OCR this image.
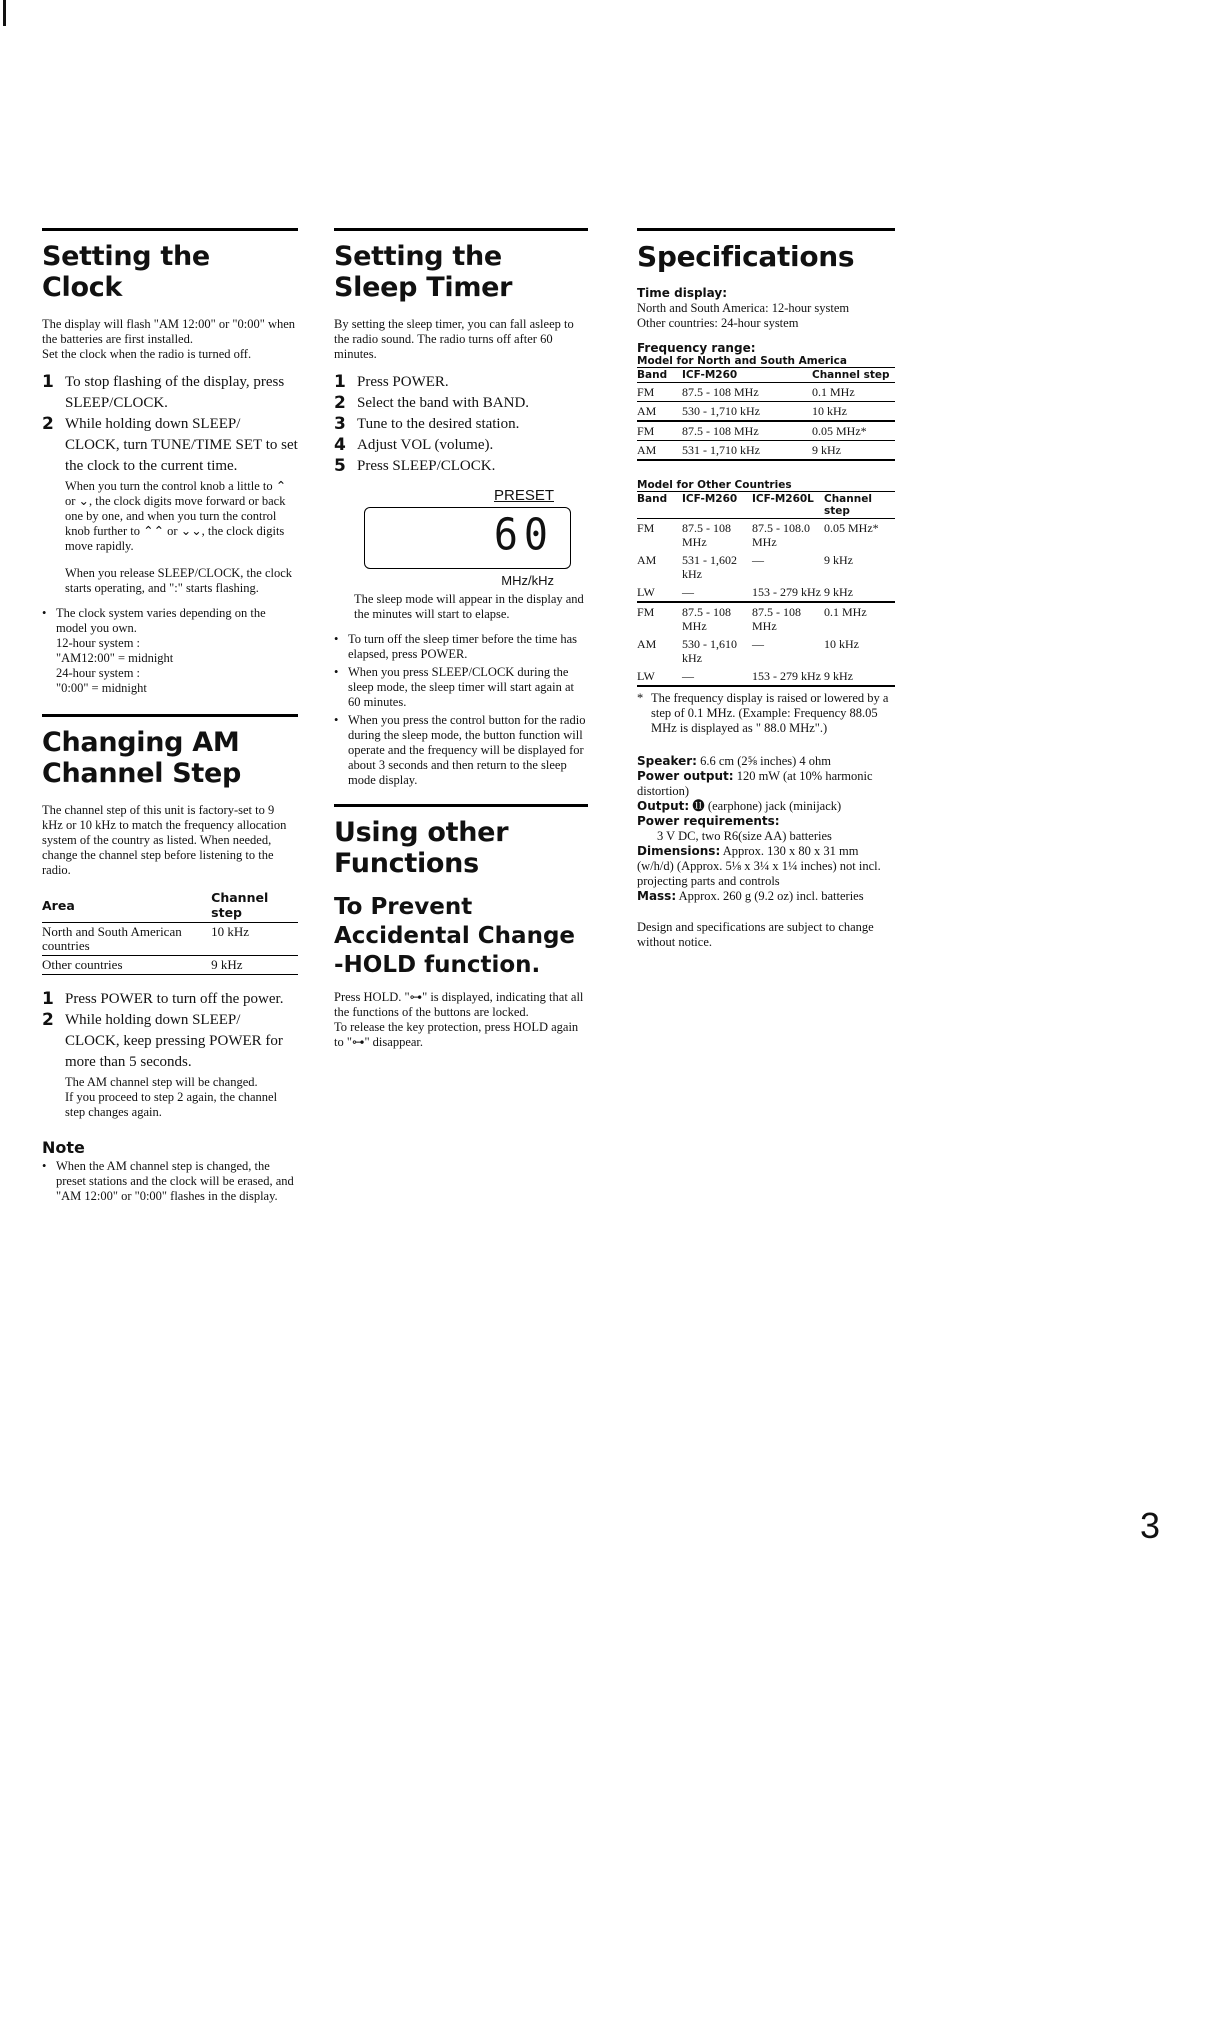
Setting the Clock

The display will flash "AM 12:00" or "0:00" when the batteries are first installed.

Set the clock when the radio is turned off.

1 To stop flashing of the display, press SLEEP/CLOCK.
2 While holding down SLEEP/ CLOCK, turn TUNE/TIME SET to set the clock to the current time.

When you turn the control knob a little to ⌃ or ⌄, the clock digits move forward or back one by one, and when you turn the control knob further to ⌃⌃ or ⌄⌄, the clock digits move rapidly.

When you release SLEEP/CLOCK, the clock starts operating, and ":" starts flashing.

• The clock system varies depending on the model you own.

12-hour system :

"AM12:00" = midnight

24-hour system :

"0:00" = midnight

Changing AM Channel Step
The channel step of this unit is factory-set to 9 kHz or 10 kHz to match the frequency allocation system of the country as listed. When needed, change the channel step before listening to the radio.
Area	Channel step
North and South American countries	10 kHz
Other countries	9 kHz
1 Press POWER to turn off the power.
2 While holding down SLEEP/ CLOCK, keep pressing POWER for more than 5 seconds.

The AM channel step will be changed.

If you proceed to step 2 again, the channel step changes again.

Note
• When the AM channel step is changed, the preset stations and the clock will be erased, and "AM 12:00" or "0:00" flashes in the display.
Setting the Sleep Timer
By setting the sleep timer, you can fall asleep to the radio sound. The radio turns off after 60 minutes.
1 Press POWER.
2 Select the band with BAND.
3 Tune to the desired station.
4 Adjust VOL (volume).
5 Press SLEEP/CLOCK.
PRESET
60
MHz/kHz
The sleep mode will appear in the display and the minutes will start to elapse.
• To turn off the sleep timer before the time has elapsed, press POWER.
• When you press SLEEP/CLOCK during the sleep mode, the sleep timer will start again at 60 minutes.
• When you press the control button for the radio during the sleep mode, the button function will operate and the frequency will be displayed for about 3 seconds and then return to the sleep mode display.
Using other Functions
To Prevent Accidental Change -HOLD function.

Press HOLD. "⊶" is displayed, indicating that all the functions of the buttons are locked.

To release the key protection, press HOLD again to "⊶" disappear.

Specifications

Time display:

North and South America: 12-hour system

Other countries: 24-hour system

Frequency range:
Model for North and South America
Band	ICF-M260	Channel step
FM	87.5 - 108 MHz	0.1 MHz
AM	530 - 1,710 kHz	10 kHz
FM	87.5 - 108 MHz	0.05 MHz*
AM	531 - 1,710 kHz	9 kHz
Model for Other Countries
Band	ICF-M260	ICF-M260L	Channel step
FM	87.5 - 108 MHz	87.5 - 108.0 MHz	0.05 MHz*
AM	531 - 1,602 kHz	—	9 kHz
LW	—	153 - 279 kHz	9 kHz
FM	87.5 - 108 MHz	87.5 - 108 MHz	0.1 MHz
AM	530 - 1,610 kHz	—	10 kHz
LW	—	153 - 279 kHz	9 kHz
* The frequency display is raised or lowered by a step of 0.1 MHz. (Example: Frequency 88.05 MHz is displayed as " 88.0 MHz".)

Speaker: 6.6 cm (2⅝ inches) 4 ohm

Power output: 120 mW (at 10% harmonic distortion)

Output: ⓫ (earphone) jack (minijack)

Power requirements:

3 V DC, two R6(size AA) batteries

Dimensions: Approx. 130 x 80 x 31 mm (w/h/d) (Approx. 5⅛ x 3¼ x 1¼ inches) not incl. projecting parts and controls

Mass: Approx. 260 g (9.2 oz) incl. batteries

Design and specifications are subject to change without notice.
3
